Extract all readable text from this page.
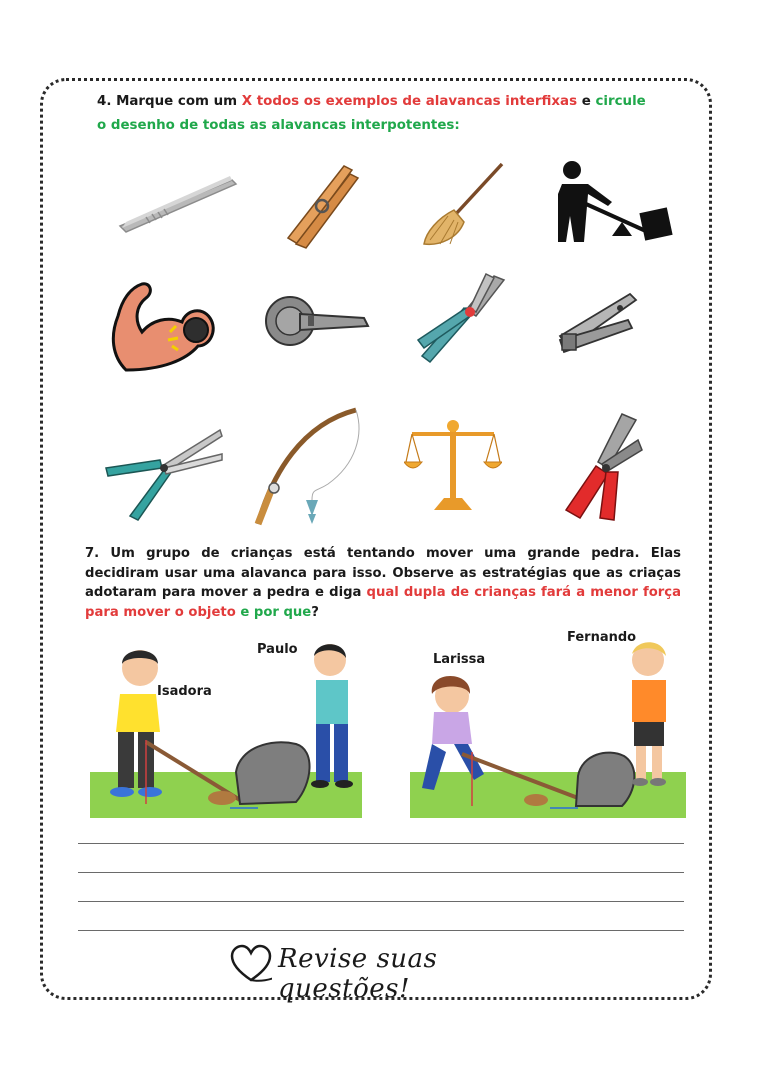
4. Marque com um X todos os exemplos de alavancas interfixas e circule o desenho de todas as alavancas interpotentes:
7. Um grupo de crianças está tentando mover uma grande pedra. Elas decidiram usar uma alavanca para isso. Observe as estratégias que as criaças adotaram para mover a pedra e diga qual dupla de crianças fará a menor força para mover o objeto e por que?
Isadora
Paulo
Larissa
Fernando
Revise suas questões!
